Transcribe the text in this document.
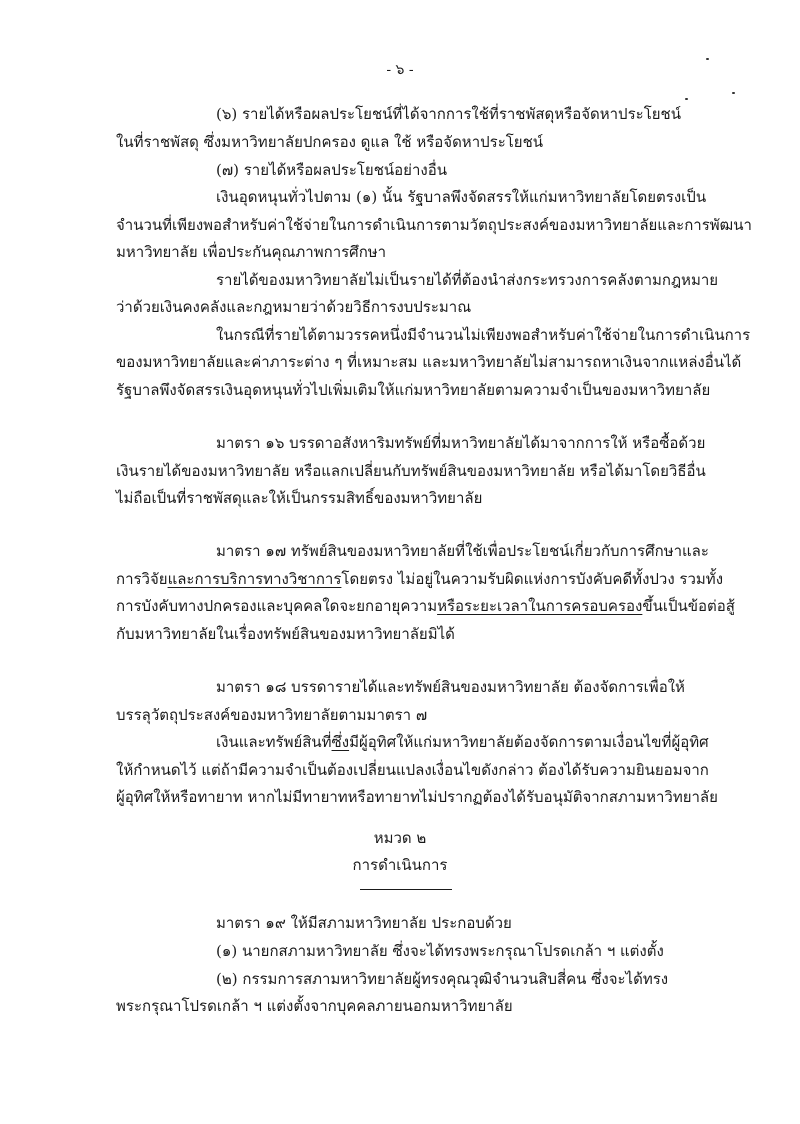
- ๖ -
(๖) รายได้หรือผลประโยชน์ที่ได้จากการใช้ที่ราชพัสดุหรือจัดหาประโยชน์
ในที่ราชพัสดุ ซึ่งมหาวิทยาลัยปกครอง ดูแล ใช้ หรือจัดหาประโยชน์
(๗) รายได้หรือผลประโยชน์อย่างอื่น
เงินอุดหนุนทั่วไปตาม (๑) นั้น รัฐบาลพึงจัดสรรให้แก่มหาวิทยาลัยโดยตรงเป็น
จำนวนที่เพียงพอสำหรับค่าใช้จ่ายในการดำเนินการตามวัตถุประสงค์ของมหาวิทยาลัยและการพัฒนา
มหาวิทยาลัย เพื่อประกันคุณภาพการศึกษา
รายได้ของมหาวิทยาลัยไม่เป็นรายได้ที่ต้องนำส่งกระทรวงการคลังตามกฎหมาย
ว่าด้วยเงินคงคลังและกฎหมายว่าด้วยวิธีการงบประมาณ
ในกรณีที่รายได้ตามวรรคหนึ่งมีจำนวนไม่เพียงพอสำหรับค่าใช้จ่ายในการดำเนินการ
ของมหาวิทยาลัยและค่าภาระต่าง ๆ ที่เหมาะสม และมหาวิทยาลัยไม่สามารถหาเงินจากแหล่งอื่นได้
รัฐบาลพึงจัดสรรเงินอุดหนุนทั่วไปเพิ่มเติมให้แก่มหาวิทยาลัยตามความจำเป็นของมหาวิทยาลัย
มาตรา ๑๖ บรรดาอสังหาริมทรัพย์ที่มหาวิทยาลัยได้มาจากการให้ หรือซื้อด้วย
เงินรายได้ของมหาวิทยาลัย หรือแลกเปลี่ยนกับทรัพย์สินของมหาวิทยาลัย หรือได้มาโดยวิธีอื่น
ไม่ถือเป็นที่ราชพัสดุและให้เป็นกรรมสิทธิ์ของมหาวิทยาลัย
มาตรา ๑๗ ทรัพย์สินของมหาวิทยาลัยที่ใช้เพื่อประโยชน์เกี่ยวกับการศึกษาและ
การวิจัยและการบริการทางวิชาการโดยตรง ไม่อยู่ในความรับผิดแห่งการบังคับคดีทั้งปวง รวมทั้ง
การบังคับทางปกครองและบุคคลใดจะยกอายุความหรือระยะเวลาในการครอบครองขึ้นเป็นข้อต่อสู้
กับมหาวิทยาลัยในเรื่องทรัพย์สินของมหาวิทยาลัยมิได้
มาตรา ๑๘ บรรดารายได้และทรัพย์สินของมหาวิทยาลัย ต้องจัดการเพื่อให้
บรรลุวัตถุประสงค์ของมหาวิทยาลัยตามมาตรา ๗
เงินและทรัพย์สินที่ซึ่งมีผู้อุทิศให้แก่มหาวิทยาลัยต้องจัดการตามเงื่อนไขที่ผู้อุทิศ
ให้กำหนดไว้ แต่ถ้ามีความจำเป็นต้องเปลี่ยนแปลงเงื่อนไขดังกล่าว ต้องได้รับความยินยอมจาก
ผู้อุทิศให้หรือทายาท หากไม่มีทายาทหรือทายาทไม่ปรากฏต้องได้รับอนุมัติจากสภามหาวิทยาลัย
หมวด ๒
การดำเนินการ
มาตรา ๑๙ ให้มีสภามหาวิทยาลัย ประกอบด้วย
(๑) นายกสภามหาวิทยาลัย ซึ่งจะได้ทรงพระกรุณาโปรดเกล้า ฯ แต่งตั้ง
(๒) กรรมการสภามหาวิทยาลัยผู้ทรงคุณวุฒิจำนวนสิบสี่คน ซึ่งจะได้ทรง
พระกรุณาโปรดเกล้า ฯ แต่งตั้งจากบุคคลภายนอกมหาวิทยาลัย
